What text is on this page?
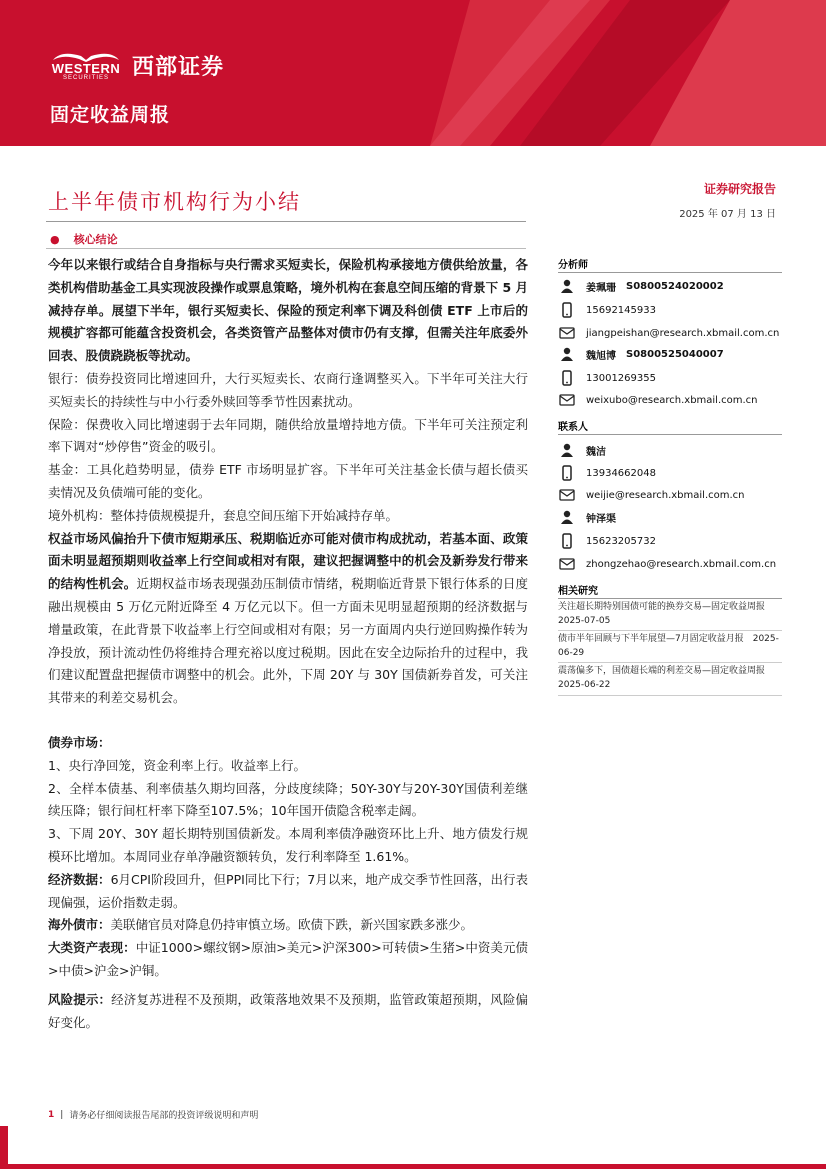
WESTERN
SECURITIES 西部证券
固定收益周报
上半年债市机构行为小结
证券研究报告
2025 年 07 月 13 日
● 核心结论

今年以来银行或结合自身指标与央行需求买短卖长，保险机构承接地方债供给放量，各类机构借助基金工具实现波段操作或票息策略，境外机构在套息空间压缩的背景下 5 月减持存单。展望下半年，银行买短卖长、保险的预定利率下调及科创债 ETF 上市后的规模扩容都可能蕴含投资机会，各类资管产品整体对债市仍有支撑，但需关注年底委外回表、股债跷跷板等扰动。

银行：债券投资同比增速回升，大行买短卖长、农商行逢调整买入。下半年可关注大行买短卖长的持续性与中小行委外赎回等季节性因素扰动。

保险：保费收入同比增速弱于去年同期，随供给放量增持地方债。下半年可关注预定利率下调对“炒停售”资金的吸引。

基金：工具化趋势明显，债券 ETF 市场明显扩容。下半年可关注基金长债与超长债买卖情况及负债端可能的变化。

境外机构：整体持债规模提升，套息空间压缩下开始减持存单。

权益市场风偏抬升下债市短期承压、税期临近亦可能对债市构成扰动，若基本面、政策面未明显超预期则收益率上行空间或相对有限，建议把握调整中的机会及新券发行带来的结构性机会。近期权益市场表现强劲压制债市情绪，税期临近背景下银行体系的日度融出规模由 5 万亿元附近降至 4 万亿元以下。但一方面未见明显超预期的经济数据与增量政策，在此背景下收益率上行空间或相对有限；另一方面周内央行逆回购操作转为净投放，预计流动性仍将维持合理充裕以度过税期。因此在安全边际抬升的过程中，我们建议配置盘把握债市调整中的机会。此外，下周 20Y 与 30Y 国债新券首发，可关注其带来的利差交易机会。

债券市场：

1、央行净回笼，资金利率上行。收益率上行。

2、全样本债基、利率债基久期均回落，分歧度续降；50Y-30Y与20Y-30Y国债利差继续压降；银行间杠杆率下降至107.5%；10年国开债隐含税率走阔。

3、下周 20Y、30Y 超长期特别国债新发。本周利率债净融资环比上升、地方债发行规模环比增加。本周同业存单净融资额转负，发行利率降至 1.61%。

经济数据：6月CPI阶段回升，但PPI同比下行；7月以来，地产成交季节性回落，出行表现偏强，运价指数走弱。

海外债市：美联储官员对降息仍持审慎立场。欧债下跌，新兴国家跌多涨少。

大类资产表现：中证1000>螺纹钢>原油>美元>沪深300>可转债>生猪>中资美元债>中债>沪金>沪铜。

风险提示：经济复苏进程不及预期，政策落地效果不及预期，监管政策超预期，风险偏好变化。

分析师
姜珮珊 S0800524020002
15692145933
jiangpeishan@research.xbmail.com.cn
魏旭博 S0800525040007
13001269355
weixubo@research.xbmail.com.cn
联系人
魏洁
13934662048
weijie@research.xbmail.com.cn
钟泽渠
15623205732
zhongzehao@research.xbmail.com.cn
相关研究
关注超长期特别国债可能的换券交易—固定收益周报　2025-07-05
债市半年回顾与下半年展望—7月固定收益月报　2025-06-29
震荡偏多下，国债超长端的利差交易—固定收益周报　2025-06-22
1 | 请务必仔细阅读报告尾部的投资评级说明和声明
